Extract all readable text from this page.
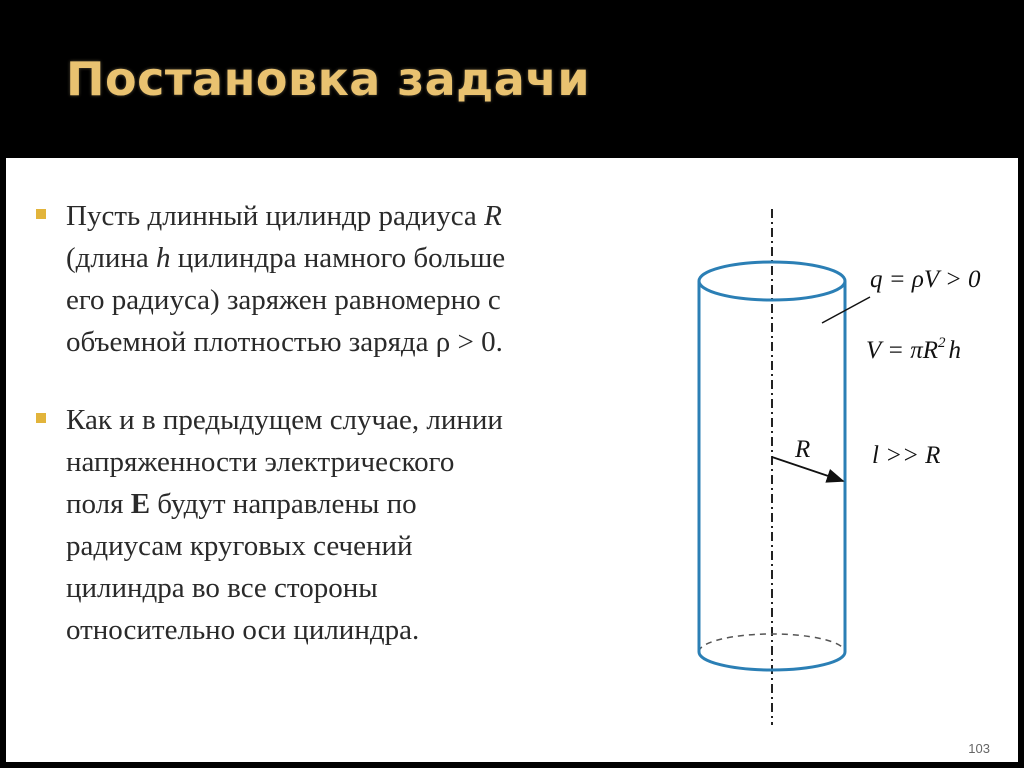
Постановка задачи
Пусть длинный цилиндр радиуса R
(длина h цилиндра намного больше
его радиуса) заряжен равномерно с
объемной плотностью заряда ρ > 0.
Как и в предыдущем случае, линии
напряженности электрического
поля E будут направлены по
радиусам круговых сечений
цилиндра во все стороны
относительно оси цилиндра.
q = ρV > 0
$V = \pi R^2$ h
R l >> R
103
